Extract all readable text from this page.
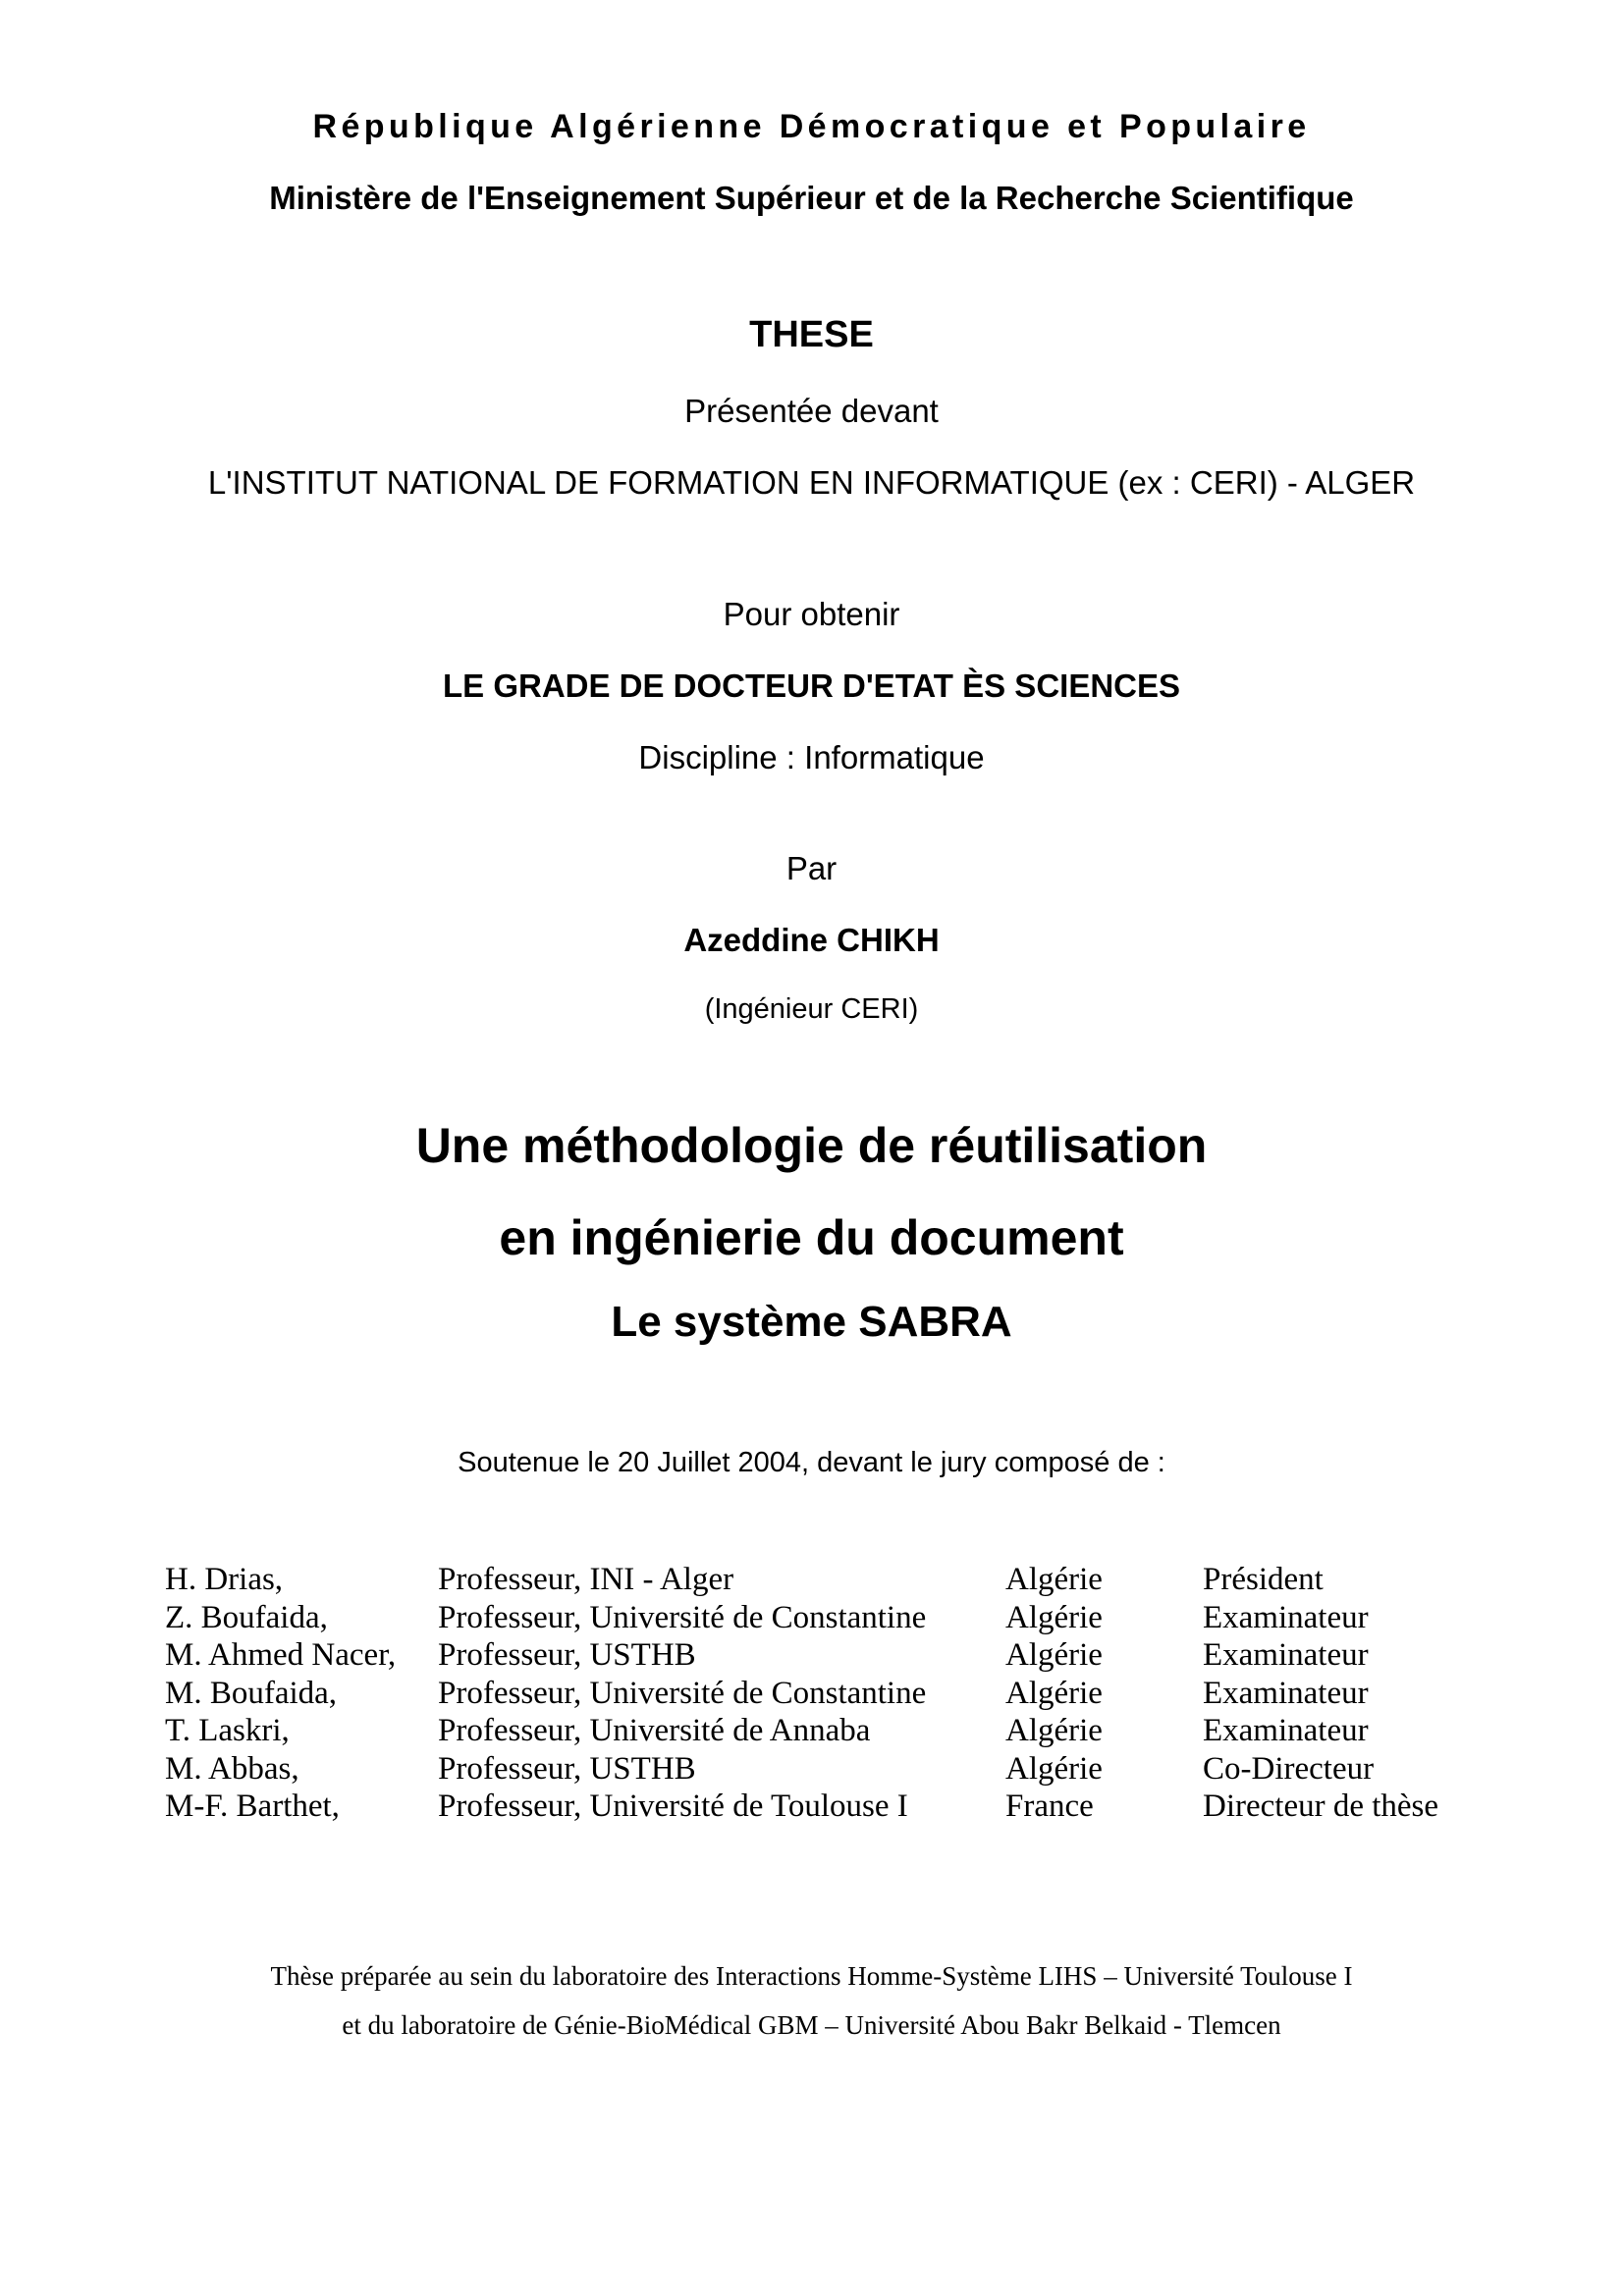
République Algérienne Démocratique et Populaire
Ministère de l'Enseignement Supérieur et de la Recherche Scientifique
THESE
Présentée devant
L'INSTITUT NATIONAL DE FORMATION EN INFORMATIQUE (ex : CERI) - ALGER
Pour obtenir
LE GRADE DE DOCTEUR D'ETAT ÈS SCIENCES
Discipline : Informatique
Par
Azeddine CHIKH
(Ingénieur CERI)
Une méthodologie de réutilisation
en ingénierie du document
Le système SABRA
Soutenue le 20 Juillet 2004, devant le jury composé de :
H. Drias,	Professeur, INI - Alger	Algérie	Président
Z. Boufaida,	Professeur, Université de Constantine Algérie	Examinateur
M. Ahmed Nacer, Professeur, USTHB	Algérie	Examinateur
M. Boufaida,	Professeur, Université de Constantine Algérie	Examinateur
T. Laskri,	Professeur, Université de Annaba	Algérie	Examinateur
M. Abbas,	Professeur, USTHB	Algérie	Co-Directeur
M-F. Barthet,	Professeur, Université de Toulouse I	France	Directeur de thèse
Thèse préparée au sein du laboratoire des Interactions Homme-Système LIHS – Université Toulouse I
et du laboratoire de Génie-BioMédical GBM – Université Abou Bakr Belkaid - Tlemcen
